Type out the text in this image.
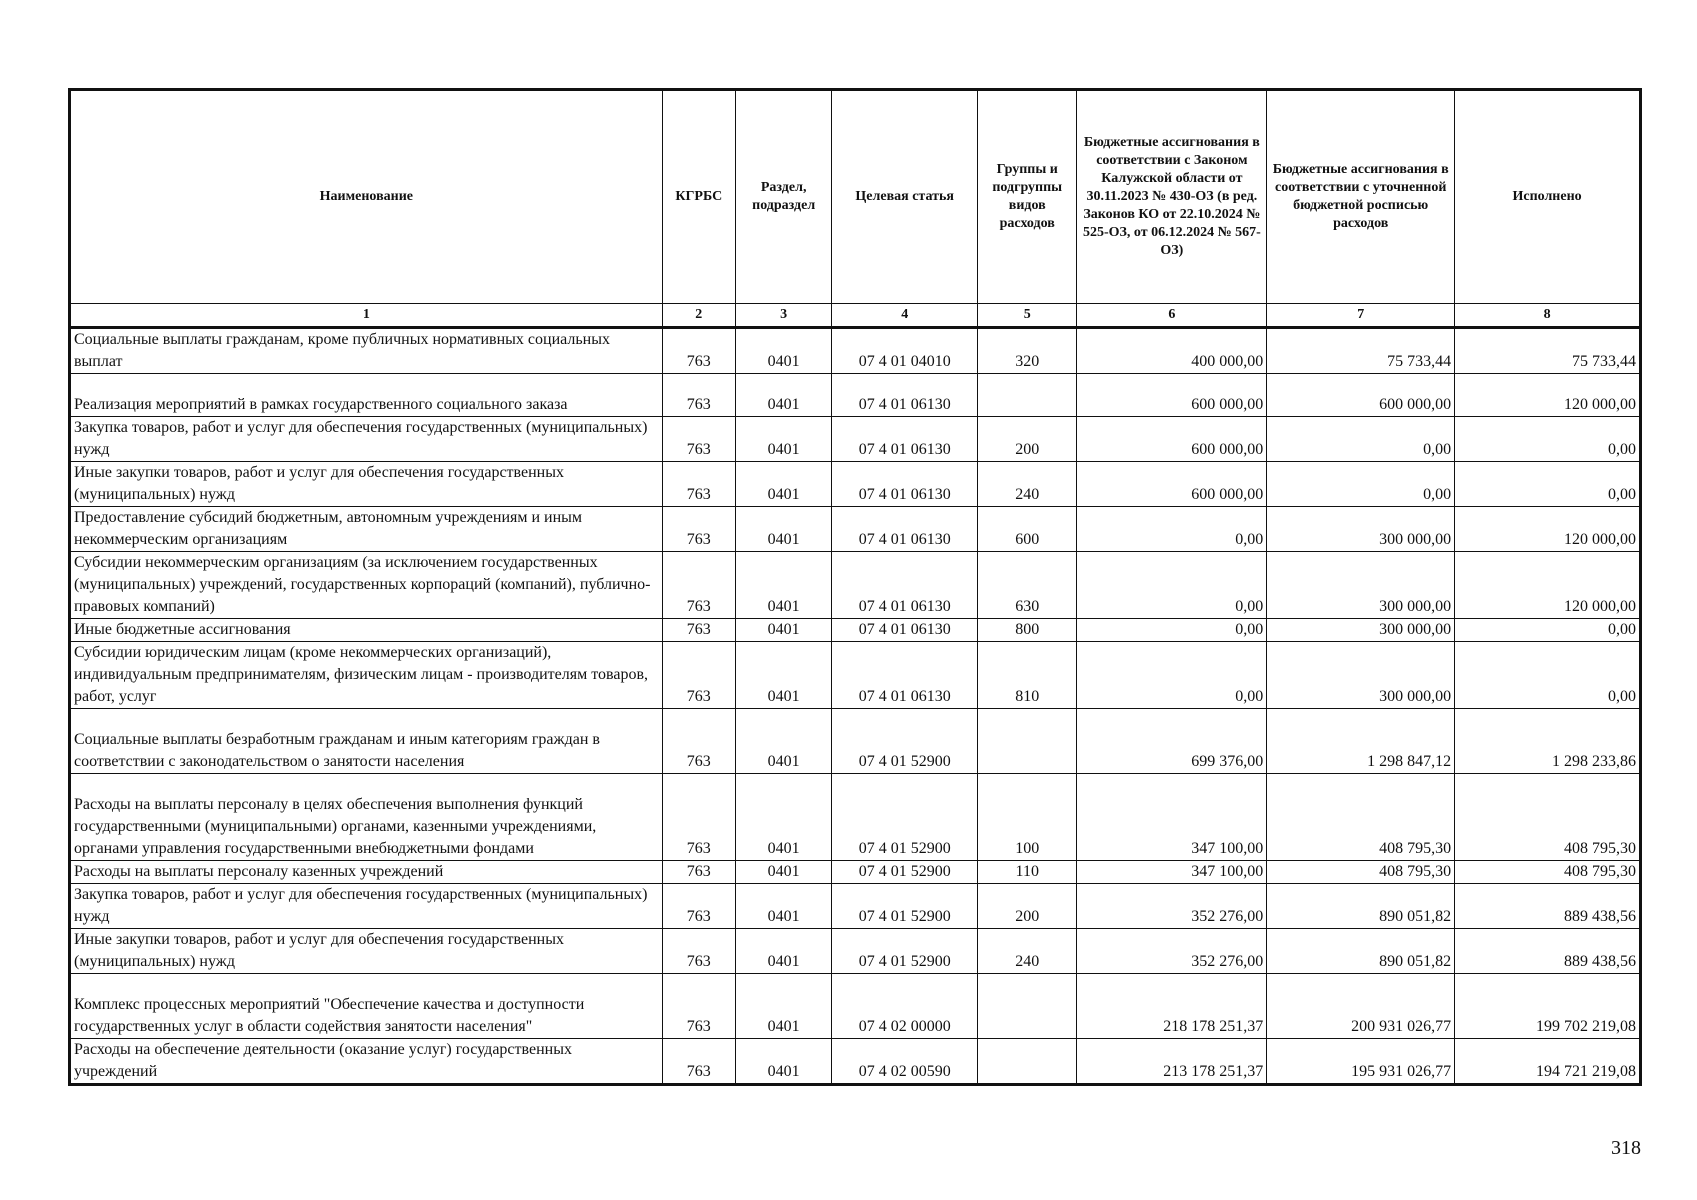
Наименование	КГРБС	Раздел, подраздел	Целевая статья	Группы и подгруппы видов расходов	Бюджетные ассигнования в соответствии с Законом Калужской области от 30.11.2023 № 430-ОЗ (в ред. Законов КО от 22.10.2024 № 525-ОЗ, от 06.12.2024 № 567-ОЗ)	Бюджетные ассигнования в соответствии с уточненной бюджетной росписью расходов	Исполнено
1	2	3	4	5	6	7	8
Социальные выплаты гражданам, кроме публичных нормативных социальных выплат	763	0401	07 4 01 04010	320	400 000,00	75 733,44	75 733,44
Реализация мероприятий в рамках государственного социального заказа	763	0401	07 4 01 06130		600 000,00	600 000,00	120 000,00
Закупка товаров, работ и услуг для обеспечения государственных (муниципальных) нужд	763	0401	07 4 01 06130	200	600 000,00	0,00	0,00
Иные закупки товаров, работ и услуг для обеспечения государственных (муниципальных) нужд	763	0401	07 4 01 06130	240	600 000,00	0,00	0,00
Предоставление субсидий бюджетным, автономным учреждениям и иным некоммерческим организациям	763	0401	07 4 01 06130	600	0,00	300 000,00	120 000,00
Субсидии некоммерческим организациям (за исключением государственных (муниципальных) учреждений, государственных корпораций (компаний), публично-правовых компаний)	763	0401	07 4 01 06130	630	0,00	300 000,00	120 000,00
Иные бюджетные ассигнования	763	0401	07 4 01 06130	800	0,00	300 000,00	0,00
Субсидии юридическим лицам (кроме некоммерческих организаций), индивидуальным предпринимателям, физическим лицам - производителям товаров, работ, услуг	763	0401	07 4 01 06130	810	0,00	300 000,00	0,00
Социальные выплаты безработным гражданам и иным категориям граждан в соответствии с законодательством о занятости населения	763	0401	07 4 01 52900		699 376,00	1 298 847,12	1 298 233,86
Расходы на выплаты персоналу в целях обеспечения выполнения функций государственными (муниципальными) органами, казенными учреждениями, органами управления государственными внебюджетными фондами	763	0401	07 4 01 52900	100	347 100,00	408 795,30	408 795,30
Расходы на выплаты персоналу казенных учреждений	763	0401	07 4 01 52900	110	347 100,00	408 795,30	408 795,30
Закупка товаров, работ и услуг для обеспечения государственных (муниципальных) нужд	763	0401	07 4 01 52900	200	352 276,00	890 051,82	889 438,56
Иные закупки товаров, работ и услуг для обеспечения государственных (муниципальных) нужд	763	0401	07 4 01 52900	240	352 276,00	890 051,82	889 438,56
Комплекс процессных мероприятий "Обеспечение качества и доступности государственных услуг в области содействия занятости населения"	763	0401	07 4 02 00000		218 178 251,37	200 931 026,77	199 702 219,08
Расходы на обеспечение деятельности (оказание услуг) государственных учреждений	763	0401	07 4 02 00590		213 178 251,37	195 931 026,77	194 721 219,08
318
